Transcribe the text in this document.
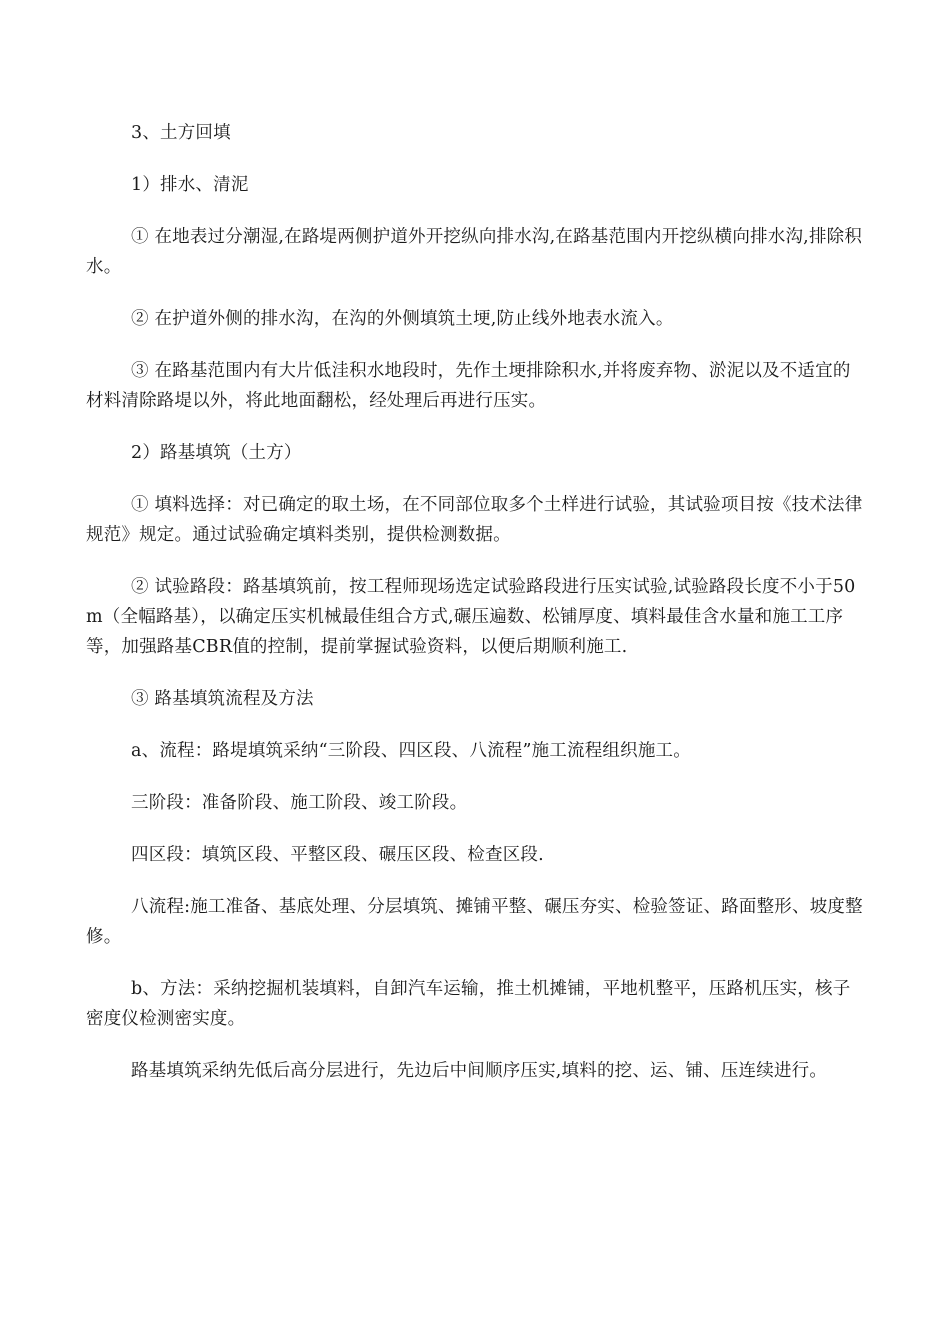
3、土方回填

1）排水、清泥

① 在地表过分潮湿,在路堤两侧护道外开挖纵向排水沟,在路基范围内开挖纵横向排水沟,排除积水。

② 在护道外侧的排水沟，在沟的外侧填筑土埂,防止线外地表水流入。

③ 在路基范围内有大片低洼积水地段时，先作土埂排除积水,并将废弃物、淤泥以及不适宜的材料清除路堤以外，将此地面翻松，经处理后再进行压实。

2）路基填筑（土方）

① 填料选择：对已确定的取土场，在不同部位取多个土样进行试验，其试验项目按《技术法律规范》规定。通过试验确定填料类别，提供检测数据。

② 试验路段：路基填筑前，按工程师现场选定试验路段进行压实试验,试验路段长度不小于50m（全幅路基），以确定压实机械最佳组合方式,碾压遍数、松铺厚度、填料最佳含水量和施工工序等，加强路基CBR值的控制，提前掌握试验资料，以便后期顺利施工.

③ 路基填筑流程及方法

a、流程：路堤填筑采纳“三阶段、四区段、八流程”施工流程组织施工。

三阶段：准备阶段、施工阶段、竣工阶段。

四区段：填筑区段、平整区段、碾压区段、检查区段.

八流程:施工准备、基底处理、分层填筑、摊铺平整、碾压夯实、检验签证、路面整形、坡度整修。

b、方法：采纳挖掘机装填料，自卸汽车运输，推土机摊铺，平地机整平，压路机压实，核子密度仪检测密实度。

路基填筑采纳先低后高分层进行，先边后中间顺序压实,填料的挖、运、铺、压连续进行。
